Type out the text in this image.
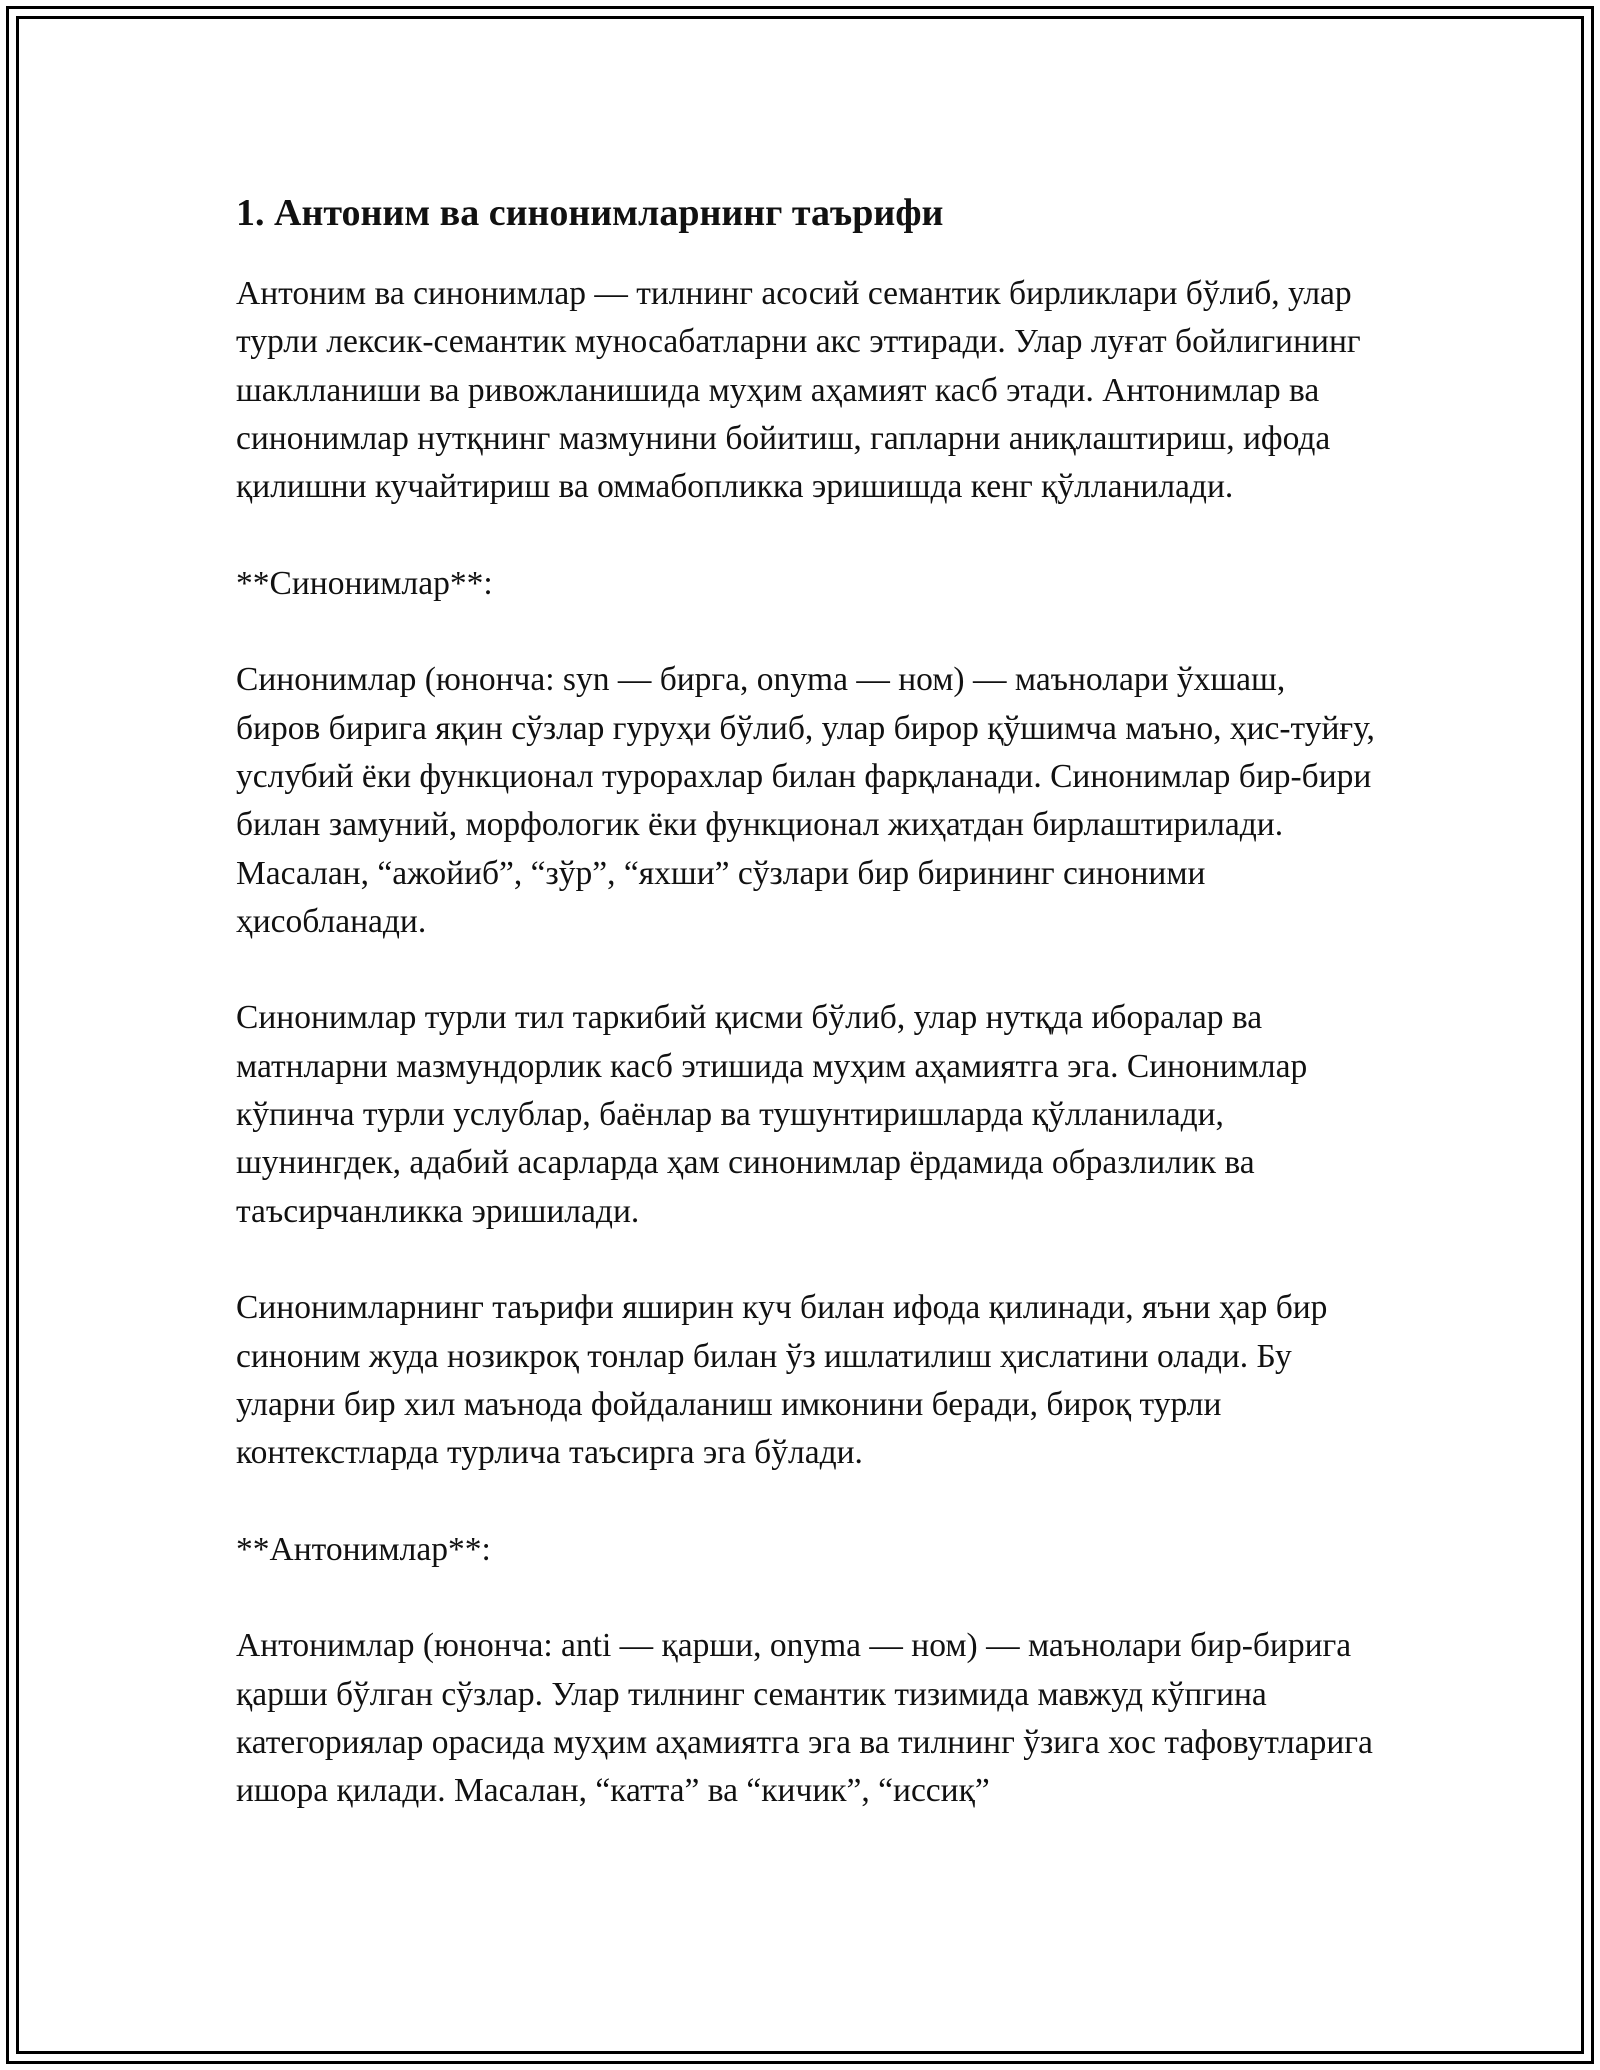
1. Антоним ва синонимларнинг таърифи

Антоним ва синонимлар — тилнинг асосий семантик бирликлари бўлиб, улар турли лексик-семантик муносабатларни акс эттиради. Улар луғат бойлигининг шаклланиши ва ривожланишида муҳим аҳамият касб этади. Антонимлар ва синонимлар нутқнинг мазмунини бойитиш, гапларни аниқлаштириш, ифода қилишни кучайтириш ва оммабопликка эришишда кенг қўлланилади.

**Синонимлар**:

Синонимлар (юнонча: syn — бирга, onyma — ном) — маънолари ўхшаш, биров бирига яқин сўзлар гуруҳи бўлиб, улар бирор қўшимча маъно, ҳис-туйғу, услубий ёки функционал турорахлар билан фарқланади. Синонимлар бир-бири билан замуний, морфологик ёки функционал жиҳатдан бирлаштирилади. Масалан, “ажойиб”, “зўр”, “яхши” сўзлари бир бирининг синоними ҳисобланади.

Синонимлар турли тил таркибий қисми бўлиб, улар нутқда иборалар ва матнларни мазмундорлик касб этишида муҳим аҳамиятга эга. Синонимлар кўпинча турли услублар, баёнлар ва тушунтиришларда қўлланилади, шунингдек, адабий асарларда ҳам синонимлар ёрдамида образлилик ва таъсирчанликка эришилади.

Синонимларнинг таърифи яширин куч билан ифода қилинади, яъни ҳар бир синоним жуда нозикроқ тонлар билан ўз ишлатилиш ҳислатини олади. Бу уларни бир хил маънода фойдаланиш имконини беради, бироқ турли контекстларда турлича таъсирга эга бўлади.

**Антонимлар**:

Антонимлар (юнонча: anti — қарши, onyma — ном) — маънолари бир-бирига қарши бўлган сўзлар. Улар тилнинг семантик тизимида мавжуд кўпгина категориялар орасида муҳим аҳамиятга эга ва тилнинг ўзига хос тафовутларига ишора қилади. Масалан, “катта” ва “кичик”, “иссиқ”
